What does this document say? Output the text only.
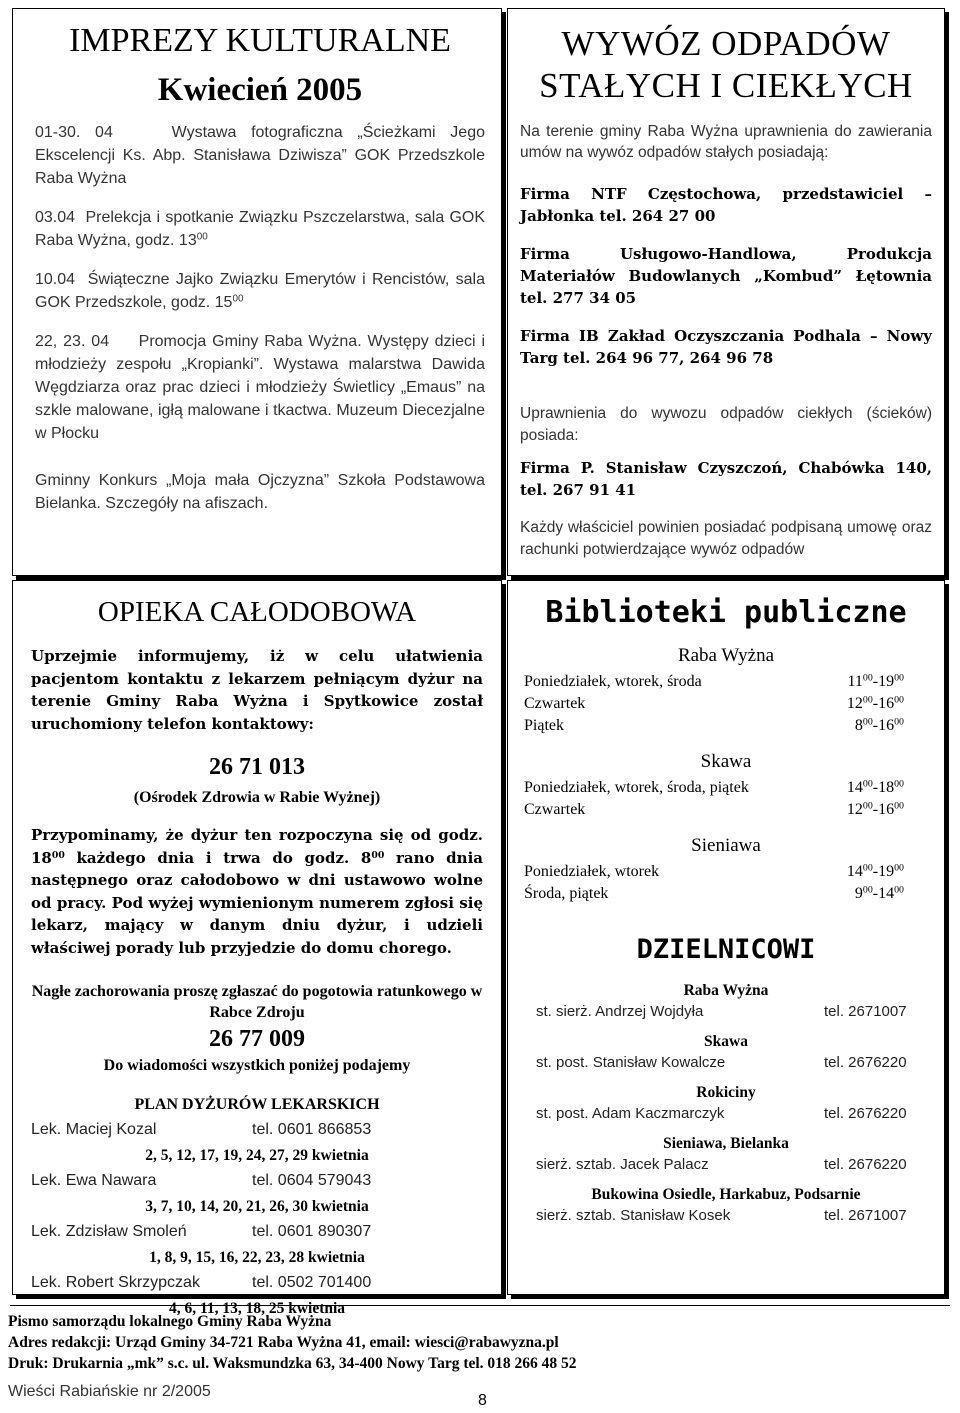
IMPREZY KULTURALNE
Kwiecień 2005

01-30. 04	Wystawa fotograficzna „Ścieżkami Jego Ekscelencji Ks. Abp. Stanisława Dziwisza” GOK Przedszkole Raba Wyżna

03.04 Prelekcja i spotkanie Związku Pszczelarstwa, sala GOK Raba Wyżna, godz. $13^{00}$

10.04 Świąteczne Jajko Związku Emerytów i Rencistów, sala GOK Przedszkole, godz. $15^{00}$

22, 23. 04 Promocja Gminy Raba Wyżna. Występy dzieci i młodzieży zespołu „Kropianki”. Wystawa malarstwa Dawida Węgdziarza oraz prac dzieci i młodzieży Świetlicy „Emaus” na szkle malowane, igłą malowane i tkactwa. Muzeum Diecezjalne w Płocku

Gminny Konkurs „Moja mała Ojczyzna” Szkoła Podstawowa Bielanka. Szczegóły na afiszach.

WYWÓZ ODPADÓW
STAŁYCH I CIEKŁYCH

Na terenie gminy Raba Wyżna uprawnienia do zawierania umów na wywóz odpadów stałych posiadają:

Firma NTF Częstochowa, przedstawiciel – Jabłonka tel. 264 27 00

Firma Usługowo-Handlowa, Produkcja Materiałów Budowlanych „Kombud” Łętownia tel. 277 34 05

Firma IB Zakład Oczyszczania Podhala – Nowy Targ tel. 264 96 77, 264 96 78

Uprawnienia do wywozu odpadów ciekłych (ścieków) posiada:

Firma P. Stanisław Czyszczoń, Chabówka 140, tel. 267 91 41

Każdy właściciel powinien posiadać podpisaną umowę oraz rachunki potwierdzające wywóz odpadów

OPIEKA CAŁODOBOWA

Uprzejmie informujemy, iż w celu ułatwienia pacjentom kontaktu z lekarzem pełniącym dyżur na terenie Gminy Raba Wyżna i Spytkowice został uruchomiony telefon kontaktowy:

26 71 013
(Ośrodek Zdrowia w Rabie Wyżnej)

Przypominamy, że dyżur ten rozpoczyna się od godz. $18^{00}$ każdego dnia i trwa do godz. $8^{00}$ rano dnia następnego oraz całodobowo w dni ustawowo wolne od pracy. Pod wyżej wymienionym numerem zgłosi się lekarz, mający w danym dniu dyżur, i udzieli właściwej porady lub przyjedzie do domu chorego.

Nagłe zachorowania proszę zgłaszać do pogotowia ratunkowego w Rabce Zdroju
26 77 009
Do wiadomości wszystkich poniżej podajemy
PLAN DYŻURÓW LEKARSKICH
Lek. Maciej Kozal	tel. 0601 866853
2, 5, 12, 17, 19, 24, 27, 29 kwietnia
Lek. Ewa Nawara	tel. 0604 579043
3, 7, 10, 14, 20, 21, 26, 30 kwietnia
Lek. Zdzisław Smoleń	tel. 0601 890307
1, 8, 9, 15, 16, 22, 23, 28 kwietnia
Lek. Robert Skrzypczak	tel. 0502 701400
4, 6, 11, 13, 18, 25 kwietnia
Biblioteki publiczne
Raba Wyżna
Poniedziałek, wtorek, środa	$11^{00}-19^{00}$
Czwartek	$12^{00}-16^{00}$
Piątek	$8^{00}-16^{00}$
Skawa
Poniedziałek, wtorek, środa, piątek	$14^{00}-18^{00}$
Czwartek	$12^{00}-16^{00}$
Sieniawa
Poniedziałek, wtorek	$14^{00}-19^{00}$
Środa, piątek	$9^{00}-14^{00}$
DZIELNICOWI
Raba Wyżna
st. sierż. Andrzej Wojdyła	tel. 2671007
Skawa
st. post. Stanisław Kowalcze	tel. 2676220
Rokiciny
st. post. Adam Kaczmarczyk	tel. 2676220
Sieniawa, Bielanka
sierż. sztab. Jacek Palacz	tel. 2676220
Bukowina Osiedle, Harkabuz, Podsarnie
sierż. sztab. Stanisław Kosek	tel. 2671007
Pismo samorządu lokalnego Gminy Raba Wyżna
Adres redakcji: Urząd Gminy 34-721 Raba Wyżna 41, email: wiesci@rabawyzna.pl
Druk: Drukarnia „mk” s.c. ul. Waksmundzka 63, 34-400 Nowy Targ tel. 018 266 48 52
Wieści Rabiańskie nr 2/2005
8
